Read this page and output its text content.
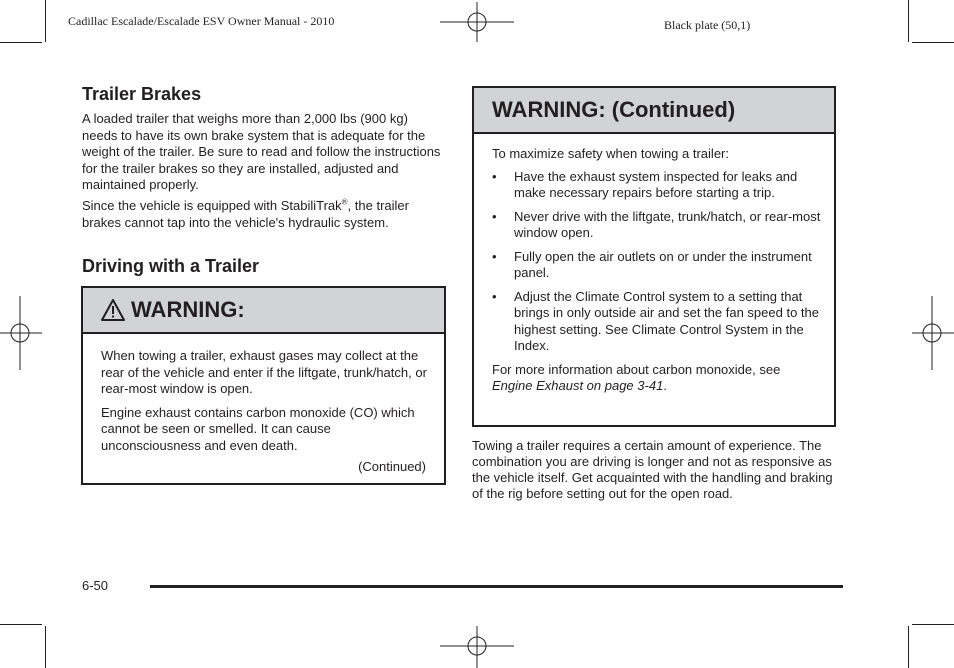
Cadillac Escalade/Escalade ESV Owner Manual - 2010	Black plate (50,1)
Trailer Brakes

A loaded trailer that weighs more than 2,000 lbs (900 kg) needs to have its own brake system that is adequate for the weight of the trailer. Be sure to read and follow the instructions for the trailer brakes so they are installed, adjusted and maintained properly.

Since the vehicle is equipped with StabiliTrak®, the trailer brakes cannot tap into the vehicle's hydraulic system.

Driving with a Trailer
WARNING:

When towing a trailer, exhaust gases may collect at the rear of the vehicle and enter if the liftgate, trunk/hatch, or rear-most window is open.

Engine exhaust contains carbon monoxide (CO) which cannot be seen or smelled. It can cause unconsciousness and even death.

(Continued)
WARNING: (Continued)

To maximize safety when towing a trailer:

• Have the exhaust system inspected for leaks and make necessary repairs before starting a trip.
• Never drive with the liftgate, trunk/hatch, or rear-most window open.
• Fully open the air outlets on or under the instrument panel.
• Adjust the Climate Control system to a setting that brings in only outside air and set the fan speed to the highest setting. See Climate Control System in the Index.

For more information about carbon monoxide, see Engine Exhaust on page 3-41.

Towing a trailer requires a certain amount of experience. The combination you are driving is longer and not as responsive as the vehicle itself. Get acquainted with the handling and braking of the rig before setting out for the open road.

6-50
